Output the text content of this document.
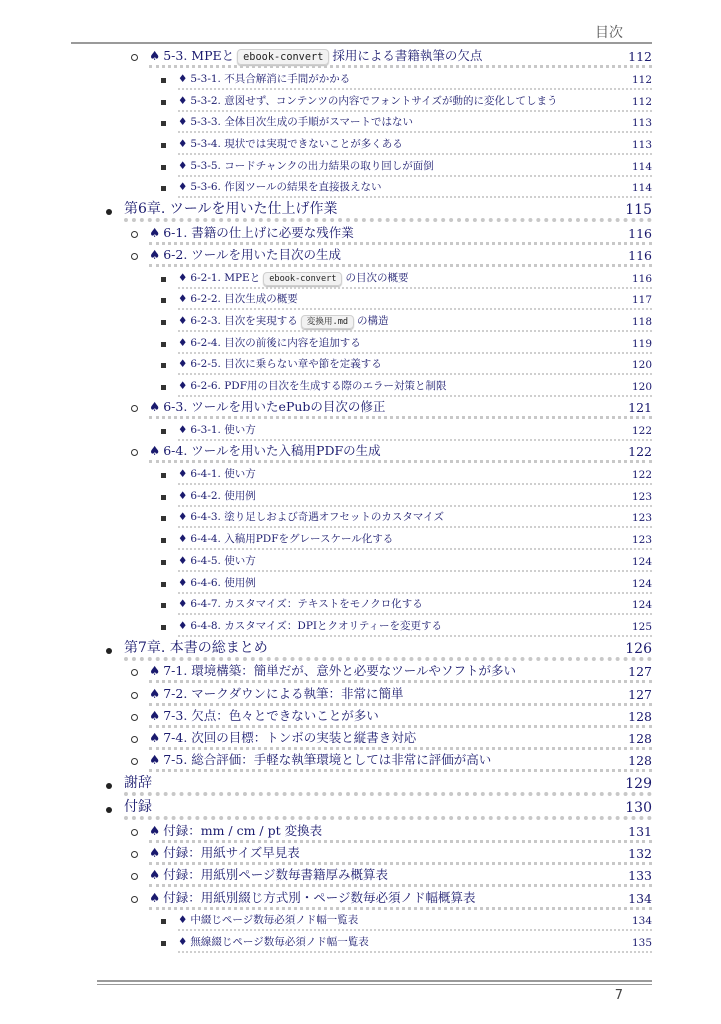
目次
♠ 5-3. MPEと ebook-convert 採用による書籍執筆の欠点	112
♦ 5-3-1. 不具合解消に手間がかかる	112
♦ 5-3-2. 意図せず、コンテンツの内容でフォントサイズが動的に変化してしまう	112
♦ 5-3-3. 全体目次生成の手順がスマートではない	113
♦ 5-3-4. 現状では実現できないことが多くある	113
♦ 5-3-5. コードチャンクの出力結果の取り回しが面倒	114
♦ 5-3-6. 作図ツールの結果を直接扱えない	114
第6章. ツールを用いた仕上げ作業	115
♠ 6-1. 書籍の仕上げに必要な残作業	116
♠ 6-2. ツールを用いた目次の生成	116
♦ 6-2-1. MPEと ebook-convert の目次の概要	116
♦ 6-2-2. 目次生成の概要	117
♦ 6-2-3. 目次を実現する 変換用.md の構造	118
♦ 6-2-4. 目次の前後に内容を追加する	119
♦ 6-2-5. 目次に乗らない章や節を定義する	120
♦ 6-2-6. PDF用の目次を生成する際のエラー対策と制限	120
♠ 6-3. ツールを用いたePubの目次の修正	121
♦ 6-3-1. 使い方	122
♠ 6-4. ツールを用いた入稿用PDFの生成	122
♦ 6-4-1. 使い方	122
♦ 6-4-2. 使用例	123
♦ 6-4-3. 塗り足しおよび奇遇オフセットのカスタマイズ	123
♦ 6-4-4. 入稿用PDFをグレースケール化する	123
♦ 6-4-5. 使い方	124
♦ 6-4-6. 使用例	124
♦ 6-4-7. カスタマイズ：テキストをモノクロ化する	124
♦ 6-4-8. カスタマイズ：DPIとクオリティーを変更する	125
第7章. 本書の総まとめ	126
♠ 7-1. 環境構築：簡単だが、意外と必要なツールやソフトが多い	127
♠ 7-2. マークダウンによる執筆：非常に簡単	127
♠ 7-3. 欠点：色々とできないことが多い	128
♠ 7-4. 次回の目標：トンボの実装と縦書き対応	128
♠ 7-5. 総合評価：手軽な執筆環境としては非常に評価が高い	128
謝辞	129
付録	130
♠ 付録：mm / cm / pt 変換表	131
♠ 付録：用紙サイズ早見表	132
♠ 付録：用紙別ページ数毎書籍厚み概算表	133
♠ 付録：用紙別綴じ方式別・ページ数毎必須ノド幅概算表	134
♦ 中綴じページ数毎必須ノド幅一覧表	134
♦ 無線綴じページ数毎必須ノド幅一覧表	135
7
